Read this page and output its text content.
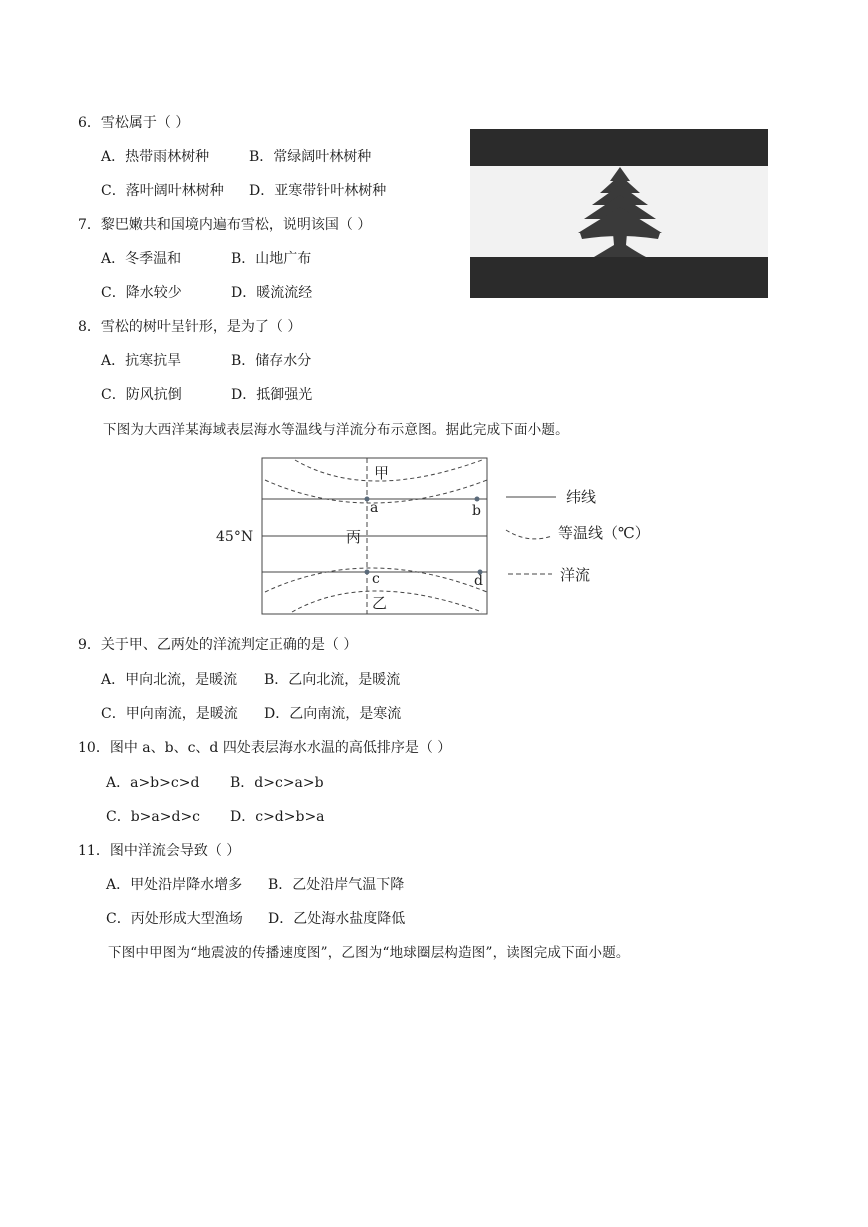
6．雪松属于（ ）
A．热带雨林树种	B．常绿阔叶林树种
C．落叶阔叶林树种 D．亚寒带针叶林树种
7．黎巴嫩共和国境内遍布雪松，说明该国（ ）
A．冬季温和	B．山地广布
C．降水较少	D．暖流流经
8．雪松的树叶呈针形，是为了（ ）
A．抗寒抗旱	B．储存水分
C．防风抗倒	D．抵御强光
下图为大西洋某海域表层海水等温线与洋流分布示意图。据此完成下面小题。
甲
a	b
丙
c	d
乙
45°N
纬线
等温线（℃）
洋流
9．关于甲、乙两处的洋流判定正确的是（ ）
A．甲向北流，是暖流 B．乙向北流，是暖流
C．甲向南流，是暖流 D．乙向南流，是寒流
10．图中 a、b、c、d 四处表层海水水温的高低排序是（ ）
A．a>b>c>d B．d>c>a>b
C．b>a>d>c D．c>d>b>a
11．图中洋流会导致（ ）
A．甲处沿岸降水增多 B．乙处沿岸气温下降
C．丙处形成大型渔场 D．乙处海水盐度降低
下图中甲图为“地震波的传播速度图”，乙图为“地球圈层构造图”，读图完成下面小题。
